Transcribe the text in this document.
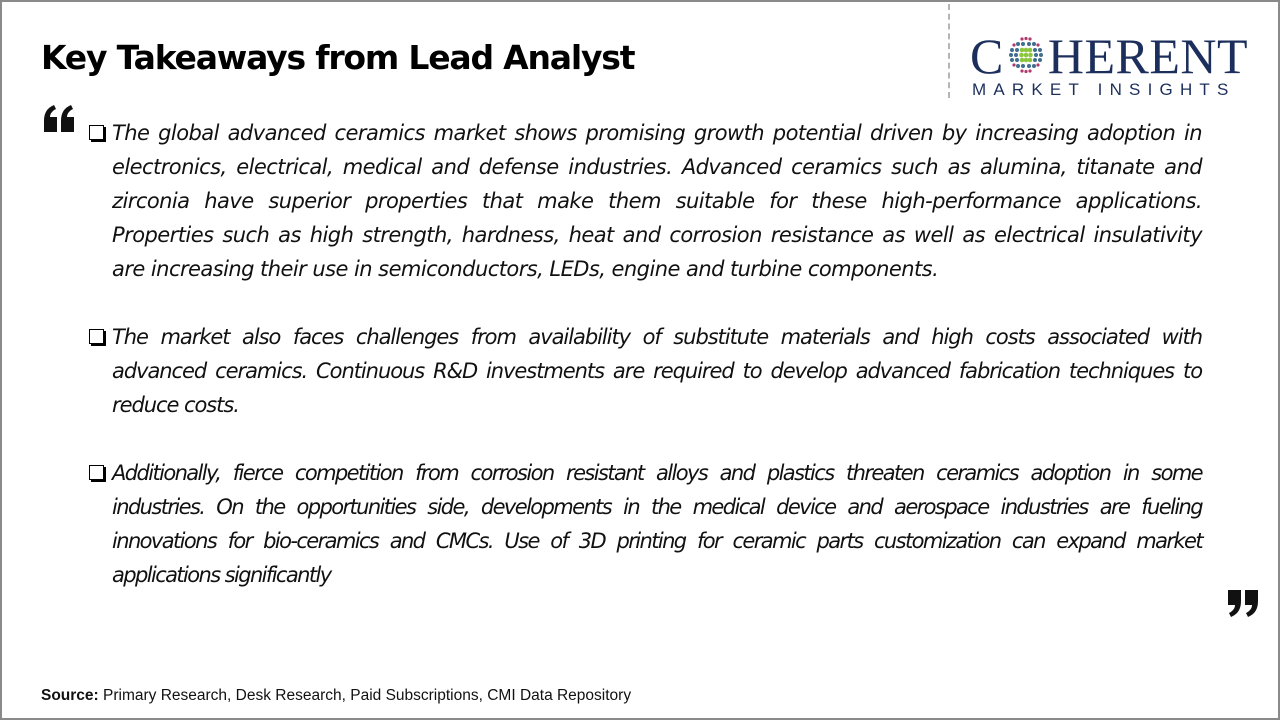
Key Takeaways from Lead Analyst	C HERENT
MARKET INSIGHTS

The global advanced ceramics market shows promising growth potential driven by increasing adoption in electronics, electrical, medical and defense industries. Advanced ceramics such as alumina, titanate and zirconia have superior properties that make them suitable for these high-performance applications. Properties such as high strength, hardness, heat and corrosion resistance as well as electrical insulativity are increasing their use in semiconductors, LEDs, engine and turbine components.

The market also faces challenges from availability of substitute materials and high costs associated with advanced ceramics. Continuous R&D investments are required to develop advanced fabrication techniques to reduce costs.

Additionally, fierce competition from corrosion resistant alloys and plastics threaten ceramics adoption in some industries. On the opportunities side, developments in the medical device and aerospace industries are fueling innovations for bio-ceramics and CMCs. Use of 3D printing for ceramic parts customization can expand market applications significantly

Source: Primary Research, Desk Research, Paid Subscriptions, CMI Data Repository
